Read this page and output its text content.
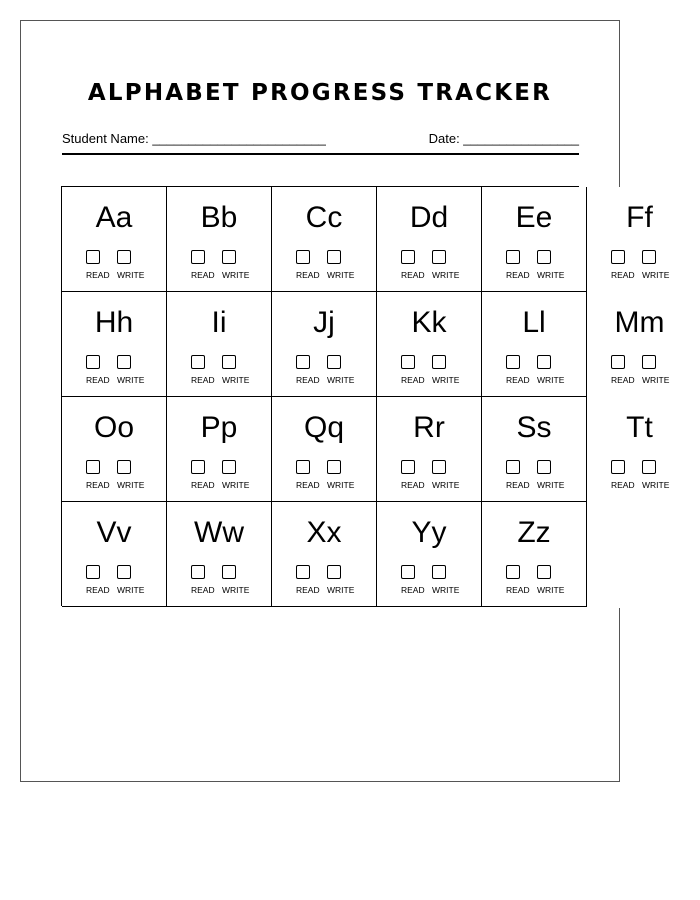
ALPHABET PROGRESS TRACKER
Student Name: ________________________	Date: ________________
Aa
READ WRITE
Bb
READ WRITE
Cc
READ WRITE
Dd
READ WRITE
Ee
READ WRITE
Ff
READ WRITE
Hh
READ WRITE
Ii
READ WRITE
Jj
READ WRITE
Kk
READ WRITE
Ll
READ WRITE
Mm
READ WRITE
Oo
READ WRITE
Pp
READ WRITE
Qq
READ WRITE
Rr
READ WRITE
Ss
READ WRITE
Tt
READ WRITE
Vv
READ WRITE
Ww
READ WRITE
Xx
READ WRITE
Yy
READ WRITE
Zz
READ WRITE
